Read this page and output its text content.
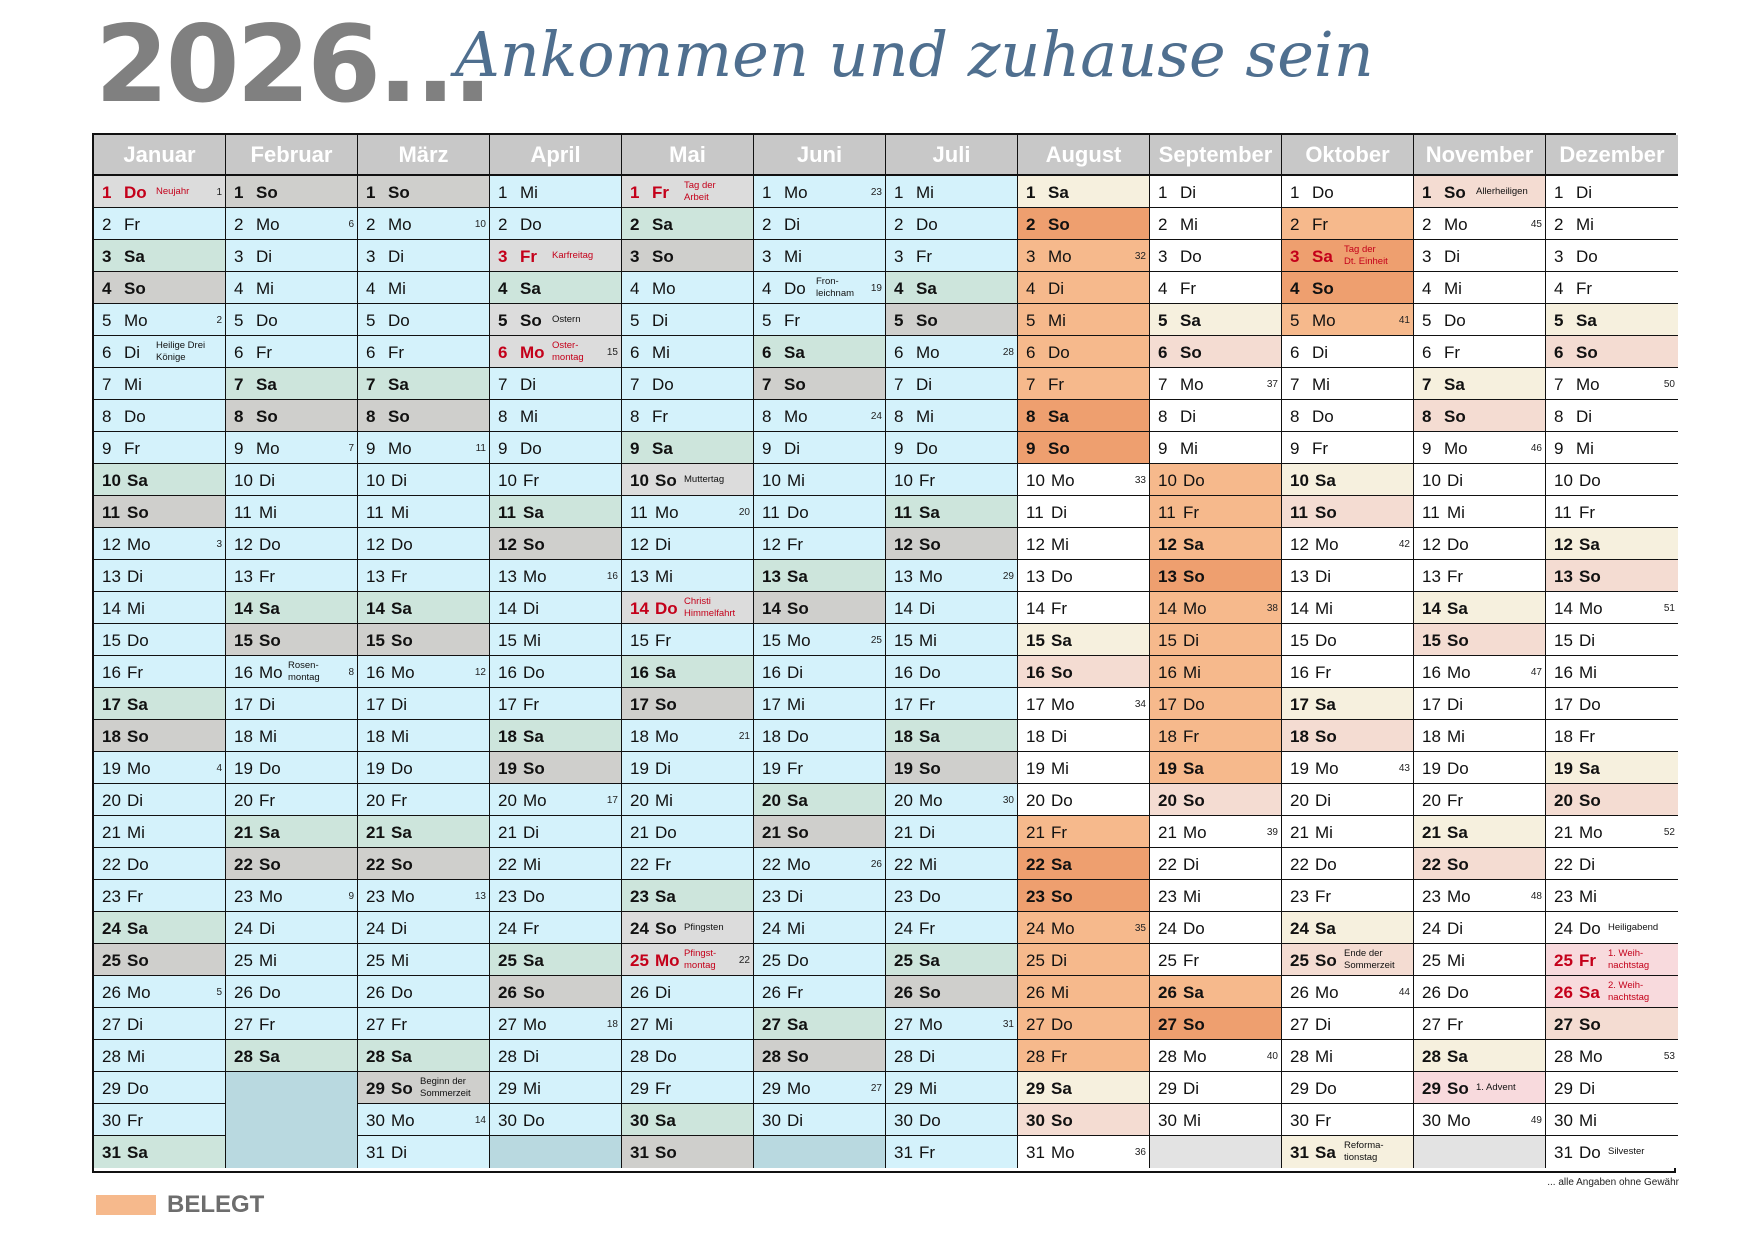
2026...
Ankommen und zuhause sein
Januar
1 Do Neujahr	1
2 Fr
3 Sa
4 So
5 Mo	2
6 Di Heilige Drei
Könige
7 Mi
8 Do
9 Fr
10 Sa
11 So
12 Mo	3
13 Di
14 Mi
15 Do
16 Fr
17 Sa
18 So
19 Mo	4
20 Di
21 Mi
22 Do
23 Fr
24 Sa
25 So
26 Mo	5
27 Di
28 Mi
29 Do
30 Fr
31 Sa
Februar
1 So
2 Mo	6
3 Di
4 Mi
5 Do
6 Fr
7 Sa
8 So
9 Mo	7
10 Di
11 Mi
12 Do
13 Fr
14 Sa
15 So
16 Mo Rosen-
montag	8
17 Di
18 Mi
19 Do
20 Fr
21 Sa
22 So
23 Mo	9
24 Di
25 Mi
26 Do
27 Fr
28 Sa
März
1 So
2 Mo	10
3 Di
4 Mi
5 Do
6 Fr
7 Sa
8 So
9 Mo	11
10 Di
11 Mi
12 Do
13 Fr
14 Sa
15 So
16 Mo	12
17 Di
18 Mi
19 Do
20 Fr
21 Sa
22 So
23 Mo	13
24 Di
25 Mi
26 Do
27 Fr
28 Sa
29 So Beginn der
Sommerzeit
30 Mo	14
31 Di
April
1 Mi
2 Do
3 Fr Karfreitag
4 Sa
5 So Ostern
6 Mo Oster-
montag 15
7 Di
8 Mi
9 Do
10 Fr
11 Sa
12 So
13 Mo	16
14 Di
15 Mi
16 Do
17 Fr
18 Sa
19 So
20 Mo	17
21 Di
22 Mi
23 Do
24 Fr
25 Sa
26 So
27 Mo	18
28 Di
29 Mi
30 Do
Mai
1 Fr Tag der
Arbeit
2 Sa
3 So
4 Mo
5 Di
6 Mi
7 Do
8 Fr
9 Sa
10 So Muttertag
11 Mo	20
12 Di
13 Mi
14 Do Christi
Himmelfahrt
15 Fr
16 Sa
17 So
18 Mo	21
19 Di
20 Mi
21 Do
22 Fr
23 Sa
24 So Pfingsten
25 Mo Pfingst-
montag 22
26 Di
27 Mi
28 Do
29 Fr
30 Sa
31 So
Juni
1 Mo	23
2 Di
3 Mi
4 Do Fron-
leichnam 19
5 Fr
6 Sa
7 So
8 Mo	24
9 Di
10 Mi
11 Do
12 Fr
13 Sa
14 So
15 Mo	25
16 Di
17 Mi
18 Do
19 Fr
20 Sa
21 So
22 Mo	26
23 Di
24 Mi
25 Do
26 Fr
27 Sa
28 So
29 Mo	27
30 Di
Juli
1 Mi
2 Do
3 Fr
4 Sa
5 So
6 Mo	28
7 Di
8 Mi
9 Do
10 Fr
11 Sa
12 So
13 Mo	29
14 Di
15 Mi
16 Do
17 Fr
18 Sa
19 So
20 Mo	30
21 Di
22 Mi
23 Do
24 Fr
25 Sa
26 So
27 Mo	31
28 Di
29 Mi
30 Do
31 Fr
August
1 Sa
2 So
3 Mo	32
4 Di
5 Mi
6 Do
7 Fr
8 Sa
9 So
10 Mo	33
11 Di
12 Mi
13 Do
14 Fr
15 Sa
16 So
17 Mo	34
18 Di
19 Mi
20 Do
21 Fr
22 Sa
23 So
24 Mo	35
25 Di
26 Mi
27 Do
28 Fr
29 Sa
30 So
31 Mo	36
September
1 Di
2 Mi
3 Do
4 Fr
5 Sa
6 So
7 Mo	37
8 Di
9 Mi
10 Do
11 Fr
12 Sa
13 So
14 Mo	38
15 Di
16 Mi
17 Do
18 Fr
19 Sa
20 So
21 Mo	39
22 Di
23 Mi
24 Do
25 Fr
26 Sa
27 So
28 Mo	40
29 Di
30 Mi
Oktober
1 Do
2 Fr
3 Sa Tag der
Dt. Einheit
4 So
5 Mo	41
6 Di
7 Mi
8 Do
9 Fr
10 Sa
11 So
12 Mo	42
13 Di
14 Mi
15 Do
16 Fr
17 Sa
18 So
19 Mo	43
20 Di
21 Mi
22 Do
23 Fr
24 Sa
25 So Ende der
Sommerzeit
26 Mo	44
27 Di
28 Mi
29 Do
30 Fr
31 Sa Reforma-
tionstag
November
1 So Allerheiligen
2 Mo	45
3 Di
4 Mi
5 Do
6 Fr
7 Sa
8 So
9 Mo	46
10 Di
11 Mi
12 Do
13 Fr
14 Sa
15 So
16 Mo	47
17 Di
18 Mi
19 Do
20 Fr
21 Sa
22 So
23 Mo	48
24 Di
25 Mi
26 Do
27 Fr
28 Sa
29 So 1. Advent
30 Mo	49
Dezember
1 Di
2 Mi
3 Do
4 Fr
5 Sa
6 So
7 Mo	50
8 Di
9 Mi
10 Do
11 Fr
12 Sa
13 So
14 Mo	51
15 Di
16 Mi
17 Do
18 Fr
19 Sa
20 So
21 Mo	52
22 Di
23 Mi
24 Do Heiligabend
25 Fr 1. Weih-
nachtstag
26 Sa 2. Weih-
nachtstag
27 So
28 Mo	53
29 Di
30 Mi
31 Do Silvester
BELEGT
... alle Angaben ohne Gewähr
